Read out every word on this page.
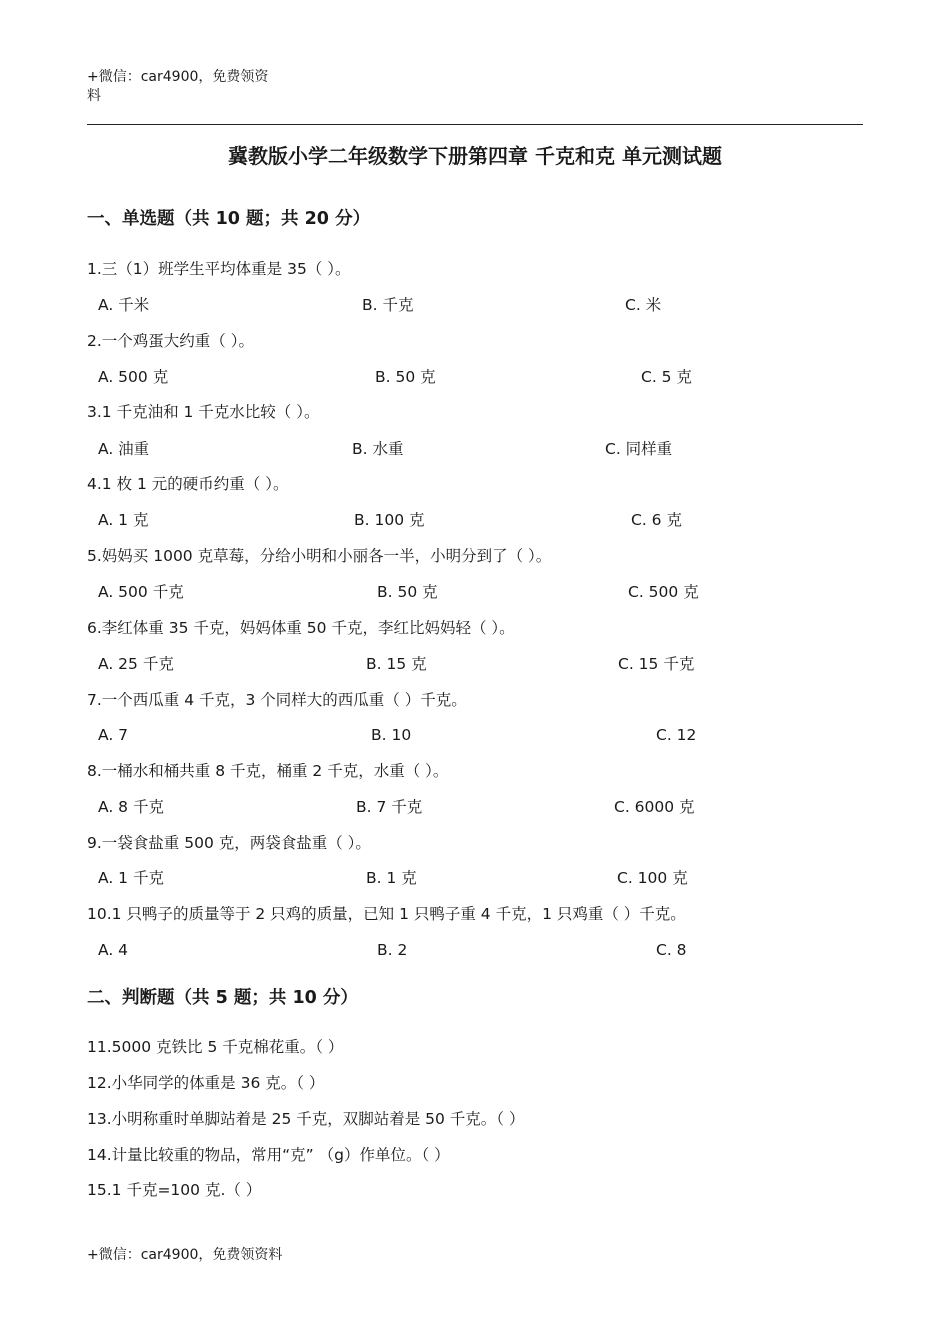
+微信：car4900，免费领资料
冀教版小学二年级数学下册第四章 千克和克 单元测试题
一、单选题（共 10 题；共 20 分）
1.三（1）班学生平均体重是 35（ ）。
A. 千米	B. 千克	C. 米
2.一个鸡蛋大约重（ ）。
A. 500 克	B. 50 克	C. 5 克
3.1 千克油和 1 千克水比较（ ）。
A. 油重	B. 水重	C. 同样重
4.1 枚 1 元的硬币约重（ ）。
A. 1 克	B. 100 克	C. 6 克
5.妈妈买 1000 克草莓，分给小明和小丽各一半，小明分到了（ ）。
A. 500 千克	B. 50 克	C. 500 克
6.李红体重 35 千克，妈妈体重 50 千克，李红比妈妈轻（ ）。
A. 25 千克	B. 15 克	C. 15 千克
7.一个西瓜重 4 千克，3 个同样大的西瓜重（ ）千克。
A. 7	B. 10	C. 12
8.一桶水和桶共重 8 千克，桶重 2 千克，水重（ ）。
A. 8 千克	B. 7 千克	C. 6000 克
9.一袋食盐重 500 克，两袋食盐重（ ）。
A. 1 千克	B. 1 克	C. 100 克
10.1 只鸭子的质量等于 2 只鸡的质量，已知 1 只鸭子重 4 千克，1 只鸡重（ ）千克。
A. 4	B. 2	C. 8
二、判断题（共 5 题；共 10 分）
11.5000 克铁比 5 千克棉花重。（ ）
12.小华同学的体重是 36 克。（ ）
13.小明称重时单脚站着是 25 千克，双脚站着是 50 千克。（ ）
14.计量比较重的物品，常用“克” （g）作单位。（ ）
15.1 千克=100 克.（ ）
+微信：car4900，免费领资料
